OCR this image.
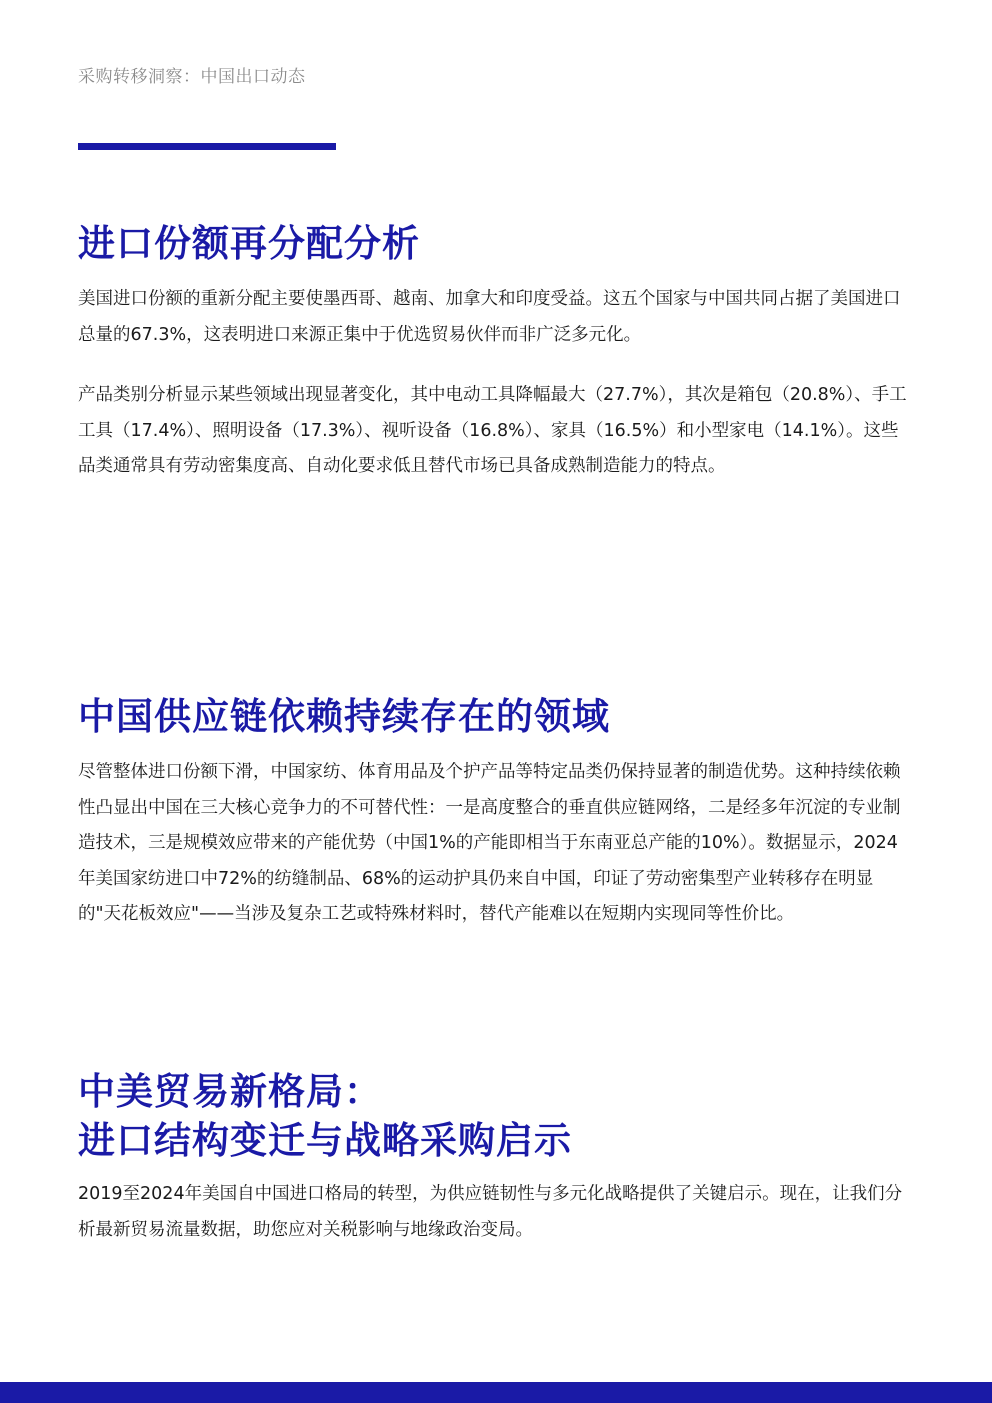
采购转移洞察：中国出口动态
进口份额再分配分析

美国进口份额的重新分配主要使墨西哥、越南、加拿大和印度受益。这五个国家与中国共同占据了美国进口总量的67.3%，这表明进口来源正集中于优选贸易伙伴而非广泛多元化。

产品类别分析显示某些领域出现显著变化，其中电动工具降幅最大（27.7%），其次是箱包（20.8%）、手工工具（17.4%）、照明设备（17.3%）、视听设备（16.8%）、家具（16.5%）和小型家电（14.1%）。这些品类通常具有劳动密集度高、自动化要求低且替代市场已具备成熟制造能力的特点。

中国供应链依赖持续存在的领域

尽管整体进口份额下滑，中国家纺、体育用品及个护产品等特定品类仍保持显著的制造优势。这种持续依赖性凸显出中国在三大核心竞争力的不可替代性：一是高度整合的垂直供应链网络，二是经多年沉淀的专业制造技术，三是规模效应带来的产能优势（中国1%的产能即相当于东南亚总产能的10%）。数据显示，2024年美国家纺进口中72%的纺缝制品、68%的运动护具仍来自中国，印证了劳动密集型产业转移存在明显的"天花板效应"——当涉及复杂工艺或特殊材料时，替代产能难以在短期内实现同等性价比。

中美贸易新格局：
进口结构变迁与战略采购启示

2019至2024年美国自中国进口格局的转型，为供应链韧性与多元化战略提供了关键启示。现在，让我们分析最新贸易流量数据，助您应对关税影响与地缘政治变局。
